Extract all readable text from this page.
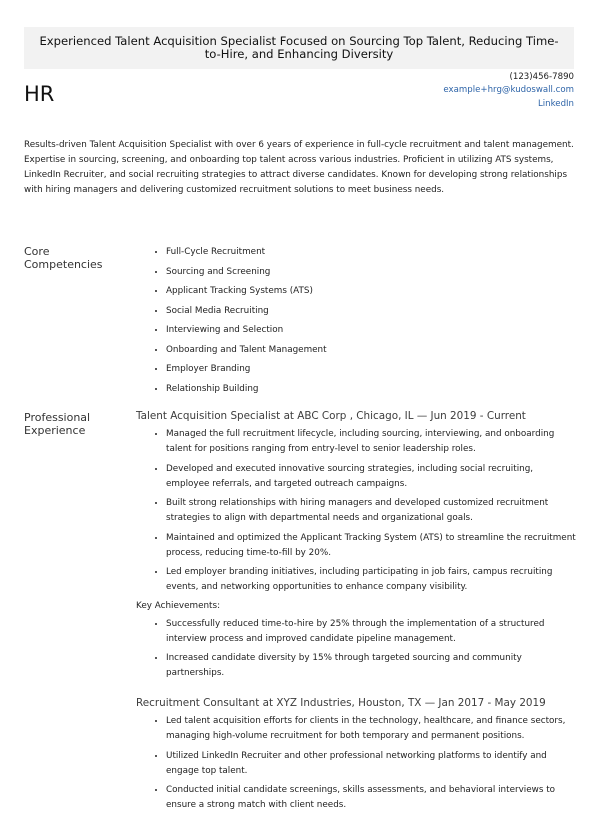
Experienced Talent Acquisition Specialist Focused on Sourcing Top Talent, Reducing Time-to-Hire, and Enhancing Diversity
HR
(123)456-7890
example+hrg@kudoswall.com
LinkedIn
Results-driven Talent Acquisition Specialist with over 6 years of experience in full-cycle recruitment and talent management. Expertise in sourcing, screening, and onboarding top talent across various industries. Proficient in utilizing ATS systems, LinkedIn Recruiter, and social recruiting strategies to attract diverse candidates. Known for developing strong relationships with hiring managers and delivering customized recruitment solutions to meet business needs.
Core Competencies
• Full-Cycle Recruitment
• Sourcing and Screening
• Applicant Tracking Systems (ATS)
• Social Media Recruiting
• Interviewing and Selection
• Onboarding and Talent Management
• Employer Branding
• Relationship Building
Professional Experience
Talent Acquisition Specialist at ABC Corp , Chicago, IL — Jun 2019 - Current
• Managed the full recruitment lifecycle, including sourcing, interviewing, and onboarding talent for positions ranging from entry-level to senior leadership roles.
• Developed and executed innovative sourcing strategies, including social recruiting, employee referrals, and targeted outreach campaigns.
• Built strong relationships with hiring managers and developed customized recruitment strategies to align with departmental needs and organizational goals.
• Maintained and optimized the Applicant Tracking System (ATS) to streamline the recruitment process, reducing time-to-fill by 20%.
• Led employer branding initiatives, including participating in job fairs, campus recruiting events, and networking opportunities to enhance company visibility.
Key Achievements:
• Successfully reduced time-to-hire by 25% through the implementation of a structured interview process and improved candidate pipeline management.
• Increased candidate diversity by 15% through targeted sourcing and community partnerships.
Recruitment Consultant at XYZ Industries, Houston, TX — Jan 2017 - May 2019
• Led talent acquisition efforts for clients in the technology, healthcare, and finance sectors, managing high-volume recruitment for both temporary and permanent positions.
• Utilized LinkedIn Recruiter and other professional networking platforms to identify and engage top talent.
• Conducted initial candidate screenings, skills assessments, and behavioral interviews to ensure a strong match with client needs.
